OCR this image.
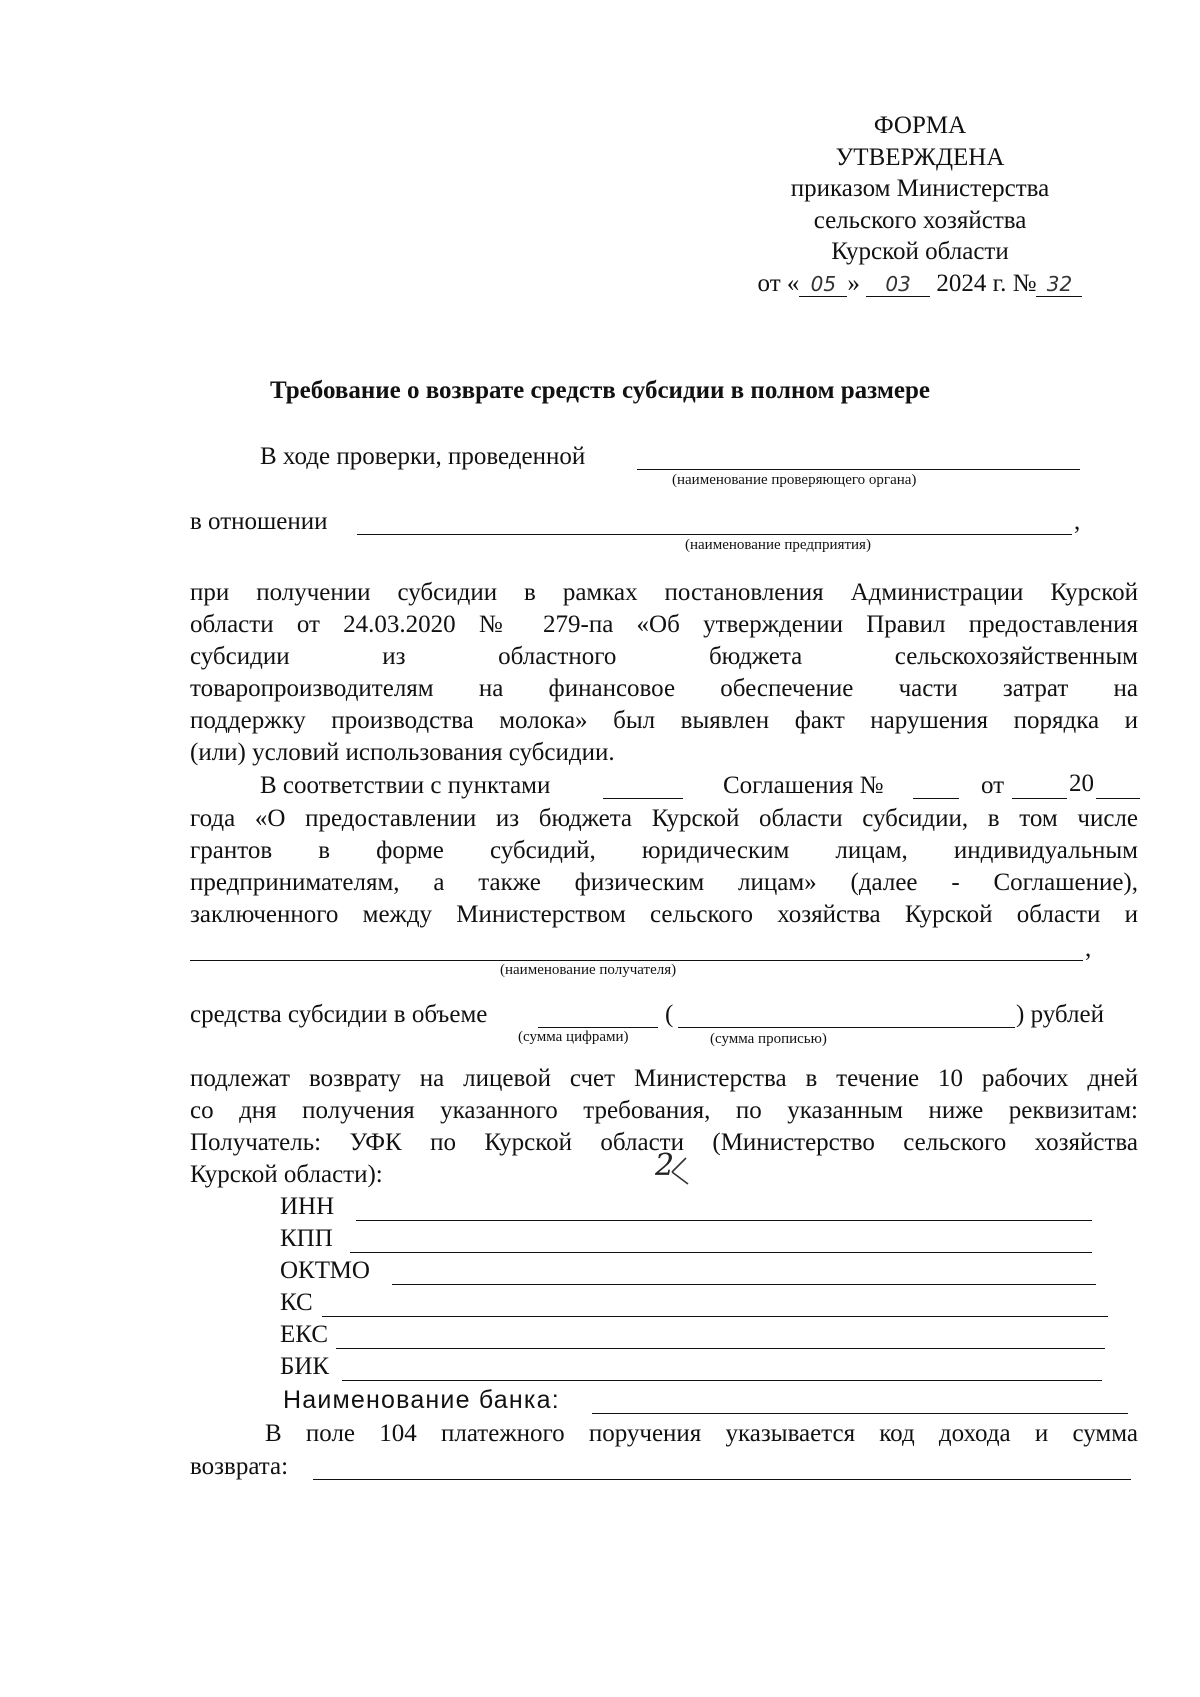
ФОРМА
УТВЕРЖДЕНА
приказом Министерства
сельского хозяйства
Курской области
от « 05 » 03 2024 г. № 32
Требование о возврате средств субсидии в полном размере
В ходе проверки, проведенной
(наименование проверяющего органа)
в отношении	,
(наименование предприятия)
при получении субсидии в рамках постановления Администрации Курской
области от 24.03.2020 № 279-па «Об утверждении Правил предоставления
субсидии из областного бюджета сельскохозяйственным
товаропроизводителям на финансовое обеспечение части затрат на
поддержку производства молока» был выявлен факт нарушения порядка и
(или) условий использования субсидии.
В соответствии с пунктами	Соглашения №	от	20
года «О предоставлении из бюджета Курской области субсидии, в том числе
грантов в форме субсидий, юридическим лицам, индивидуальным
предпринимателям, а также физическим лицам» (далее - Соглашение),
заключенного между Министерством сельского хозяйства Курской области и
,
(наименование получателя)
средства субсидии в объеме	(	) рублей
(сумма цифрами)	(сумма прописью)
подлежат возврату на лицевой счет Министерства в течение 10 рабочих дней
со дня получения указанного требования, по указанным ниже реквизитам:
Получатель: УФК по Курской области (Министерство сельского хозяйства
Курской области):
ИНН
КПП
ОКТМО
КС
ЕКС
БИК
Наименование банка:
В поле 104 платежного поручения указывается код дохода и сумма
возврата:
2
